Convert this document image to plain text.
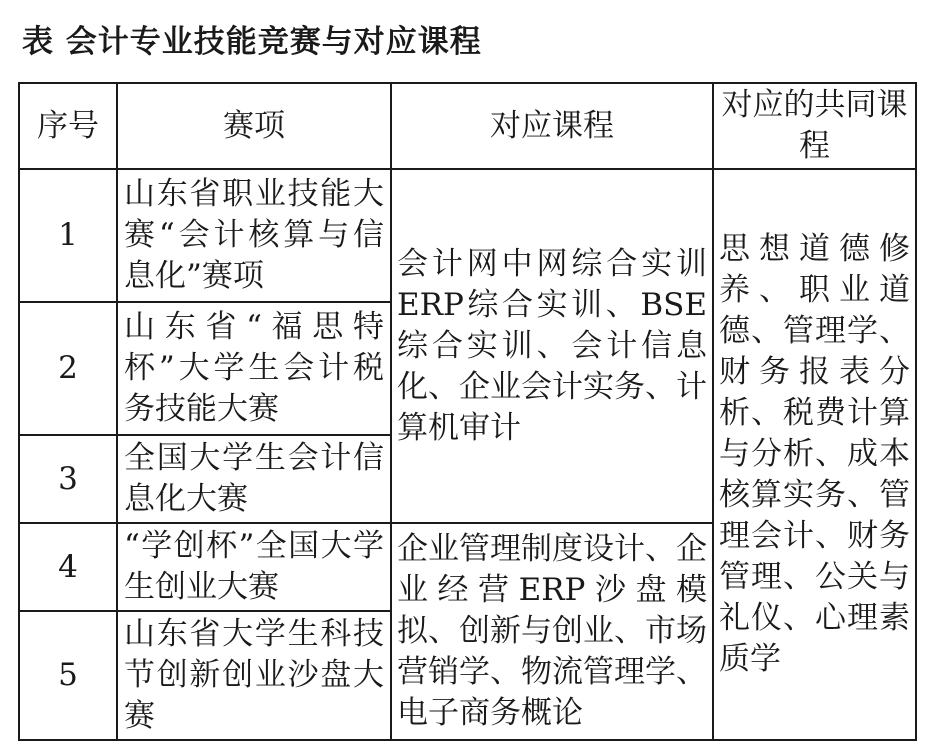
表 会计专业技能竞赛与对应课程
序号	赛项	对应课程	对应的共同课程
1	山东省职业技能大赛“会计核算与信息化”赛项	会计网中网综合实训ERP综合实训、BSE综合实训、会计信息化、企业会计实务、计算机审计	思想道德修养、职业道德、管理学、财务报表分析、税费计算与分析、成本核算实务、管理会计、财务管理、公关与礼仪、心理素质学
2	山东省“福思特杯”大学生会计税务技能大赛		
3	全国大学生会计信息化大赛		
4	“学创杯”全国大学生创业大赛	企业管理制度设计、企业经营ERP沙盘模拟、创新与创业、市场营销学、物流管理学、电子商务概论	
5	山东省大学生科技节创新创业沙盘大赛		
